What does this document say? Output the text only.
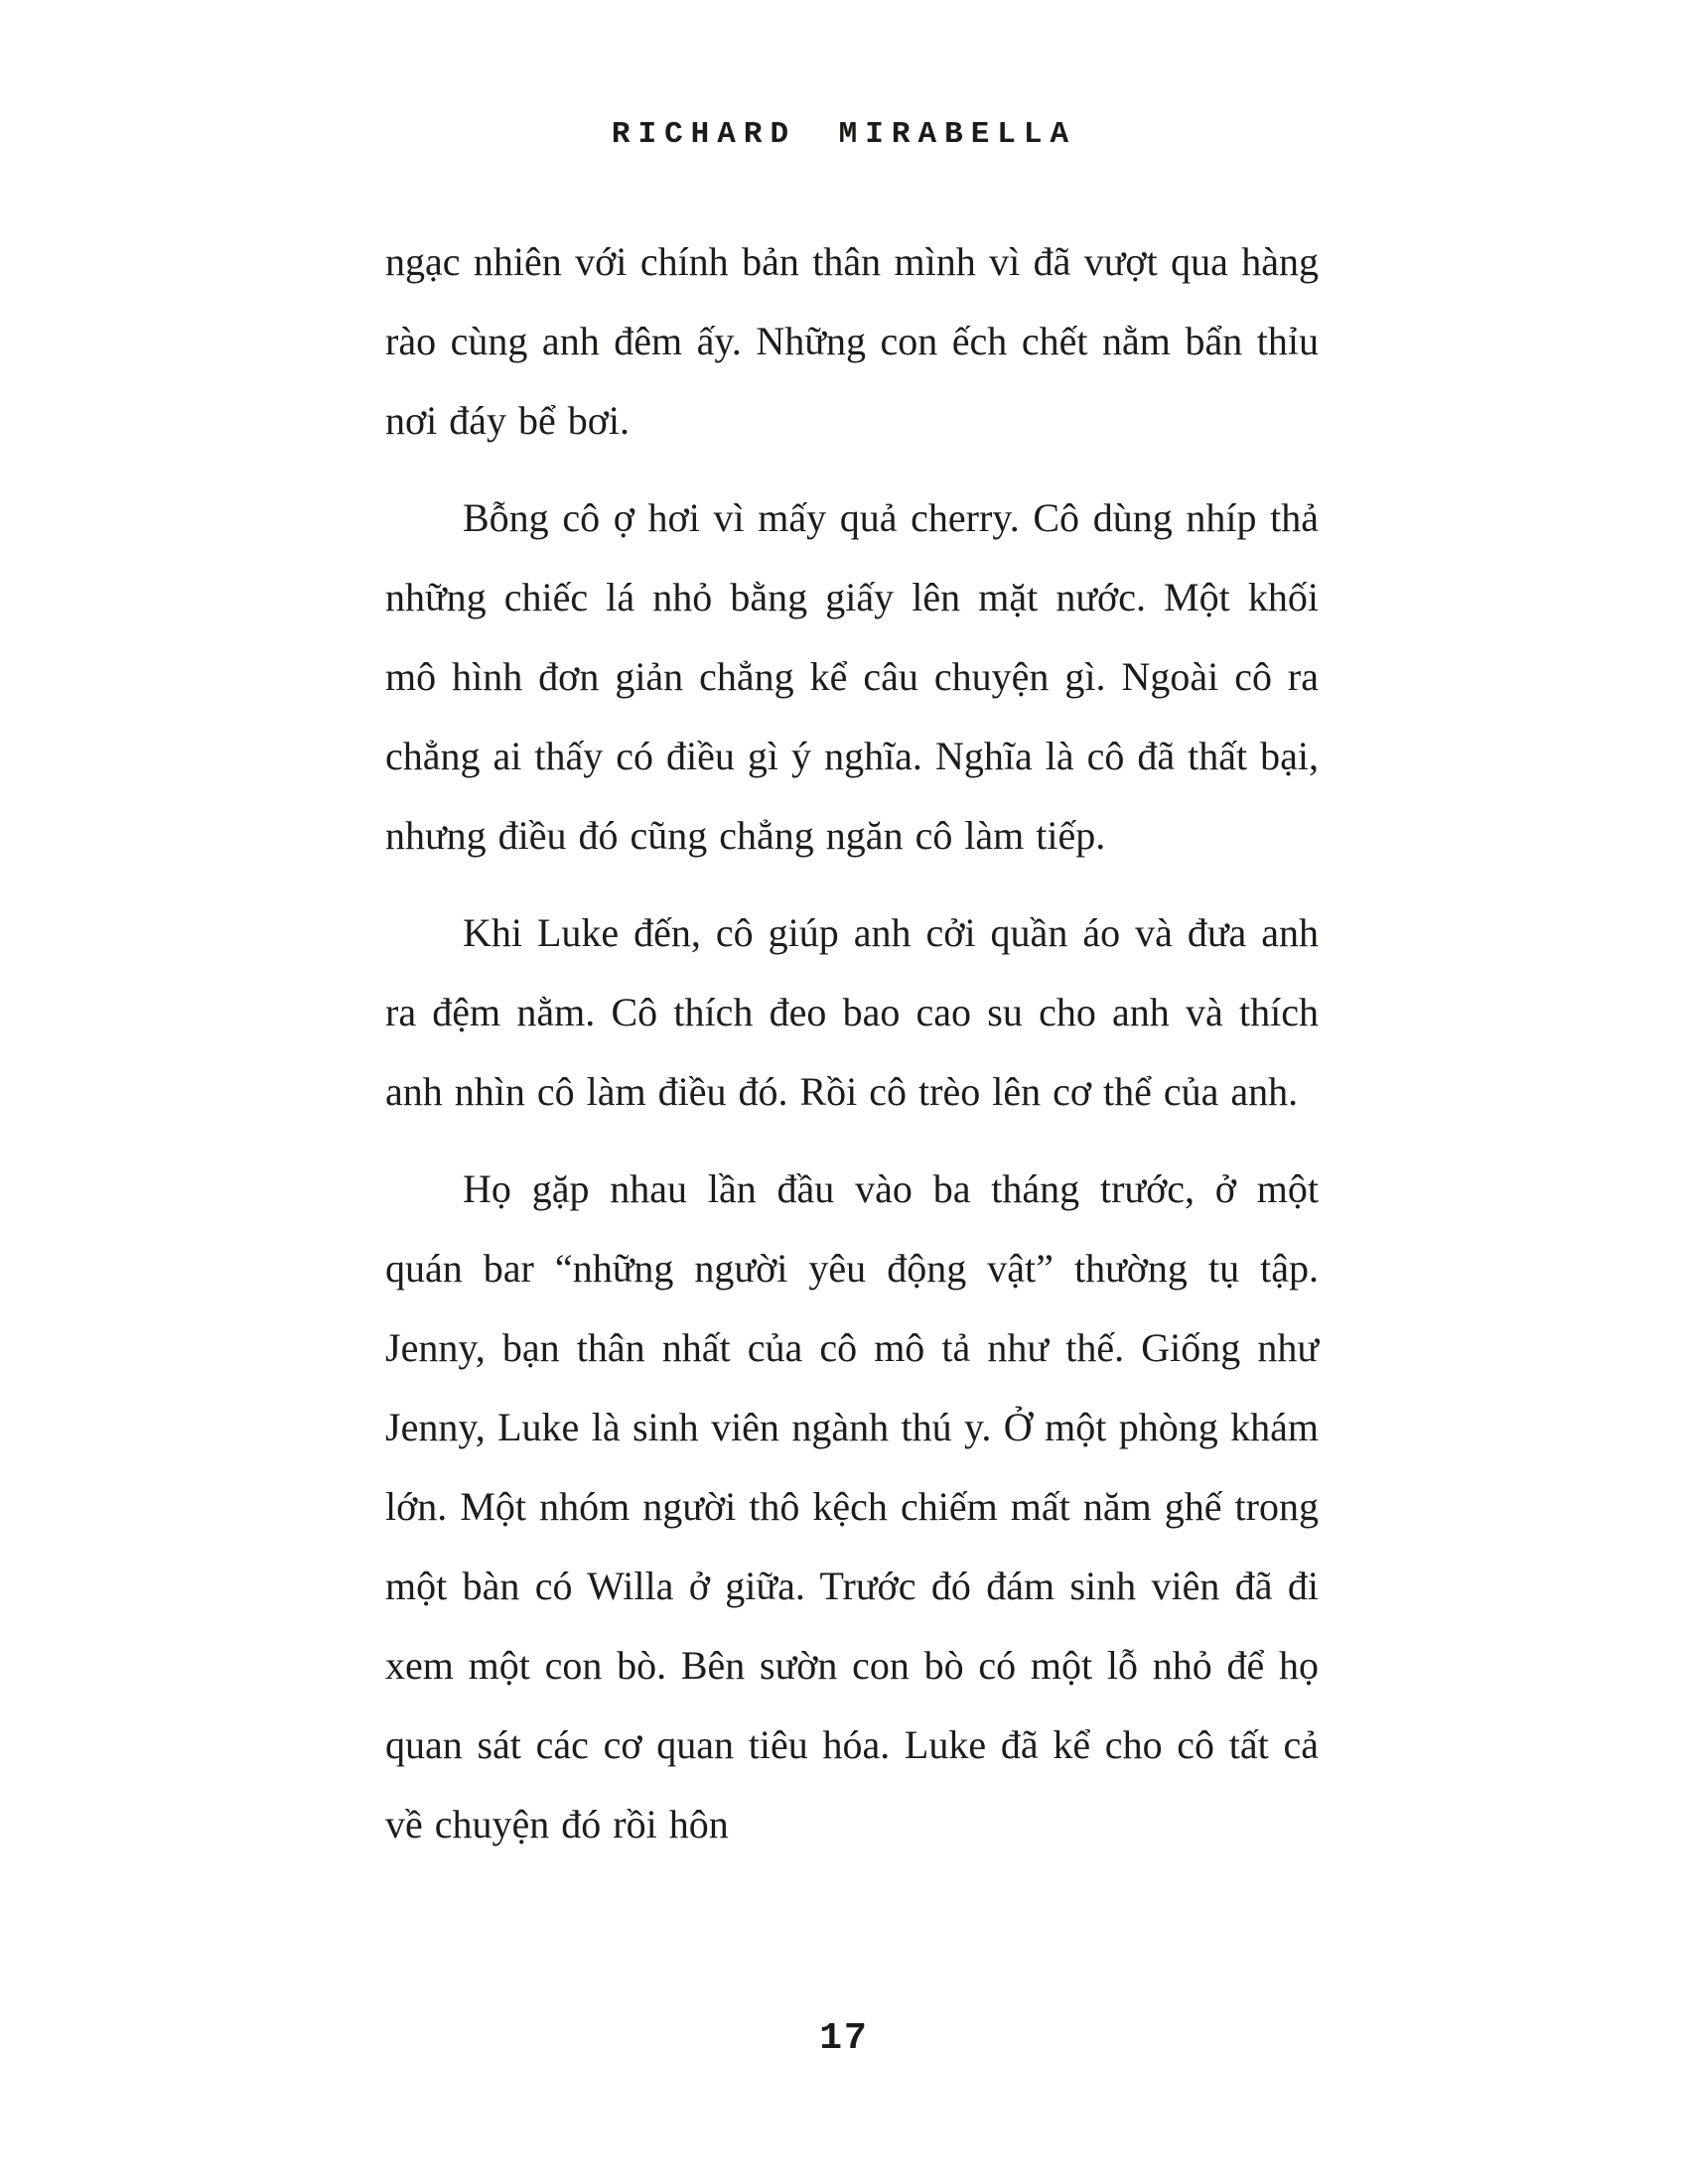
RICHARD MIRABELLA

ngạc nhiên với chính bản thân mình vì đã vượt qua hàng rào cùng anh đêm ấy. Những con ếch chết nằm bẩn thỉu nơi đáy bể bơi.

Bỗng cô ợ hơi vì mấy quả cherry. Cô dùng nhíp thả những chiếc lá nhỏ bằng giấy lên mặt nước. Một khối mô hình đơn giản chẳng kể câu chuyện gì. Ngoài cô ra chẳng ai thấy có điều gì ý nghĩa. Nghĩa là cô đã thất bại, nhưng điều đó cũng chẳng ngăn cô làm tiếp.

Khi Luke đến, cô giúp anh cởi quần áo và đưa anh ra đệm nằm. Cô thích đeo bao cao su cho anh và thích anh nhìn cô làm điều đó. Rồi cô trèo lên cơ thể của anh.

Họ gặp nhau lần đầu vào ba tháng trước, ở một quán bar “những người yêu động vật” thường tụ tập. Jenny, bạn thân nhất của cô mô tả như thế. Giống như Jenny, Luke là sinh viên ngành thú y. Ở một phòng khám lớn. Một nhóm người thô kệch chiếm mất năm ghế trong một bàn có Willa ở giữa. Trước đó đám sinh viên đã đi xem một con bò. Bên sườn con bò có một lỗ nhỏ để họ quan sát các cơ quan tiêu hóa. Luke đã kể cho cô tất cả về chuyện đó rồi hôn

17
